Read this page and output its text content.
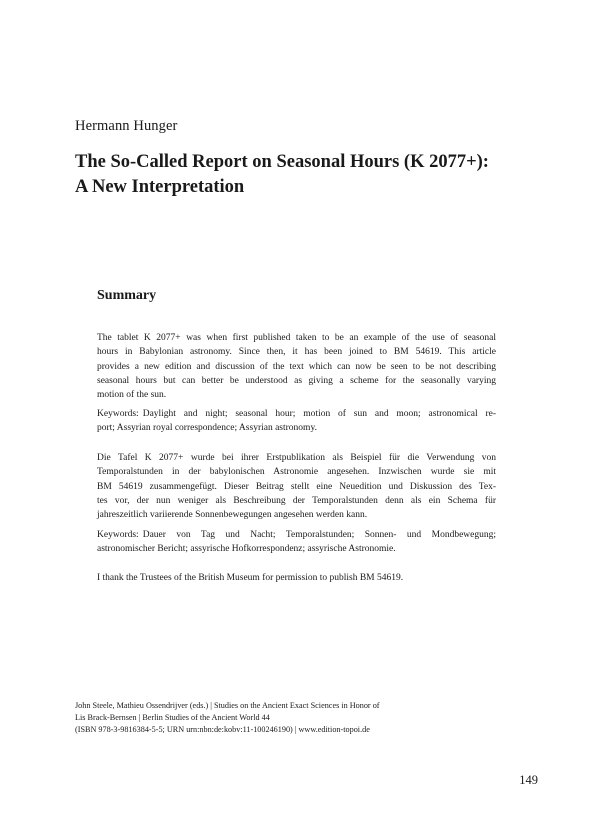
Hermann Hunger
The So-Called Report on Seasonal Hours (K 2077+):
A New Interpretation
Summary
The tablet K 2077+ was when first published taken to be an example of the use of seasonal
hours in Babylonian astronomy. Since then, it has been joined to BM 54619. This article
provides a new edition and discussion of the text which can now be seen to be not describing
seasonal hours but can better be understood as giving a scheme for the seasonally varying
motion of the sun.
Keywords: Daylight and night; seasonal hour; motion of sun and moon; astronomical re-
port; Assyrian royal correspondence; Assyrian astronomy.
Die Tafel K 2077+ wurde bei ihrer Erstpublikation als Beispiel für die Verwendung von
Temporalstunden in der babylonischen Astronomie angesehen. Inzwischen wurde sie mit
BM 54619 zusammengefügt. Dieser Beitrag stellt eine Neuedition und Diskussion des Tex-
tes vor, der nun weniger als Beschreibung der Temporalstunden denn als ein Schema für
jahreszeitlich variierende Sonnenbewegungen angesehen werden kann.
Keywords: Dauer von Tag und Nacht; Temporalstunden; Sonnen- und Mondbewegung;
astronomischer Bericht; assyrische Hofkorrespondenz; assyrische Astronomie.
I thank the Trustees of the British Museum for permission to publish BM 54619.
John Steele, Mathieu Ossendrijver (eds.) | Studies on the Ancient Exact Sciences in Honor of
Lis Brack-Bernsen | Berlin Studies of the Ancient World 44
(ISBN 978-3-9816384-5-5; URN urn:nbn:de:kobv:11-100246190) | www.edition-topoi.de
149
